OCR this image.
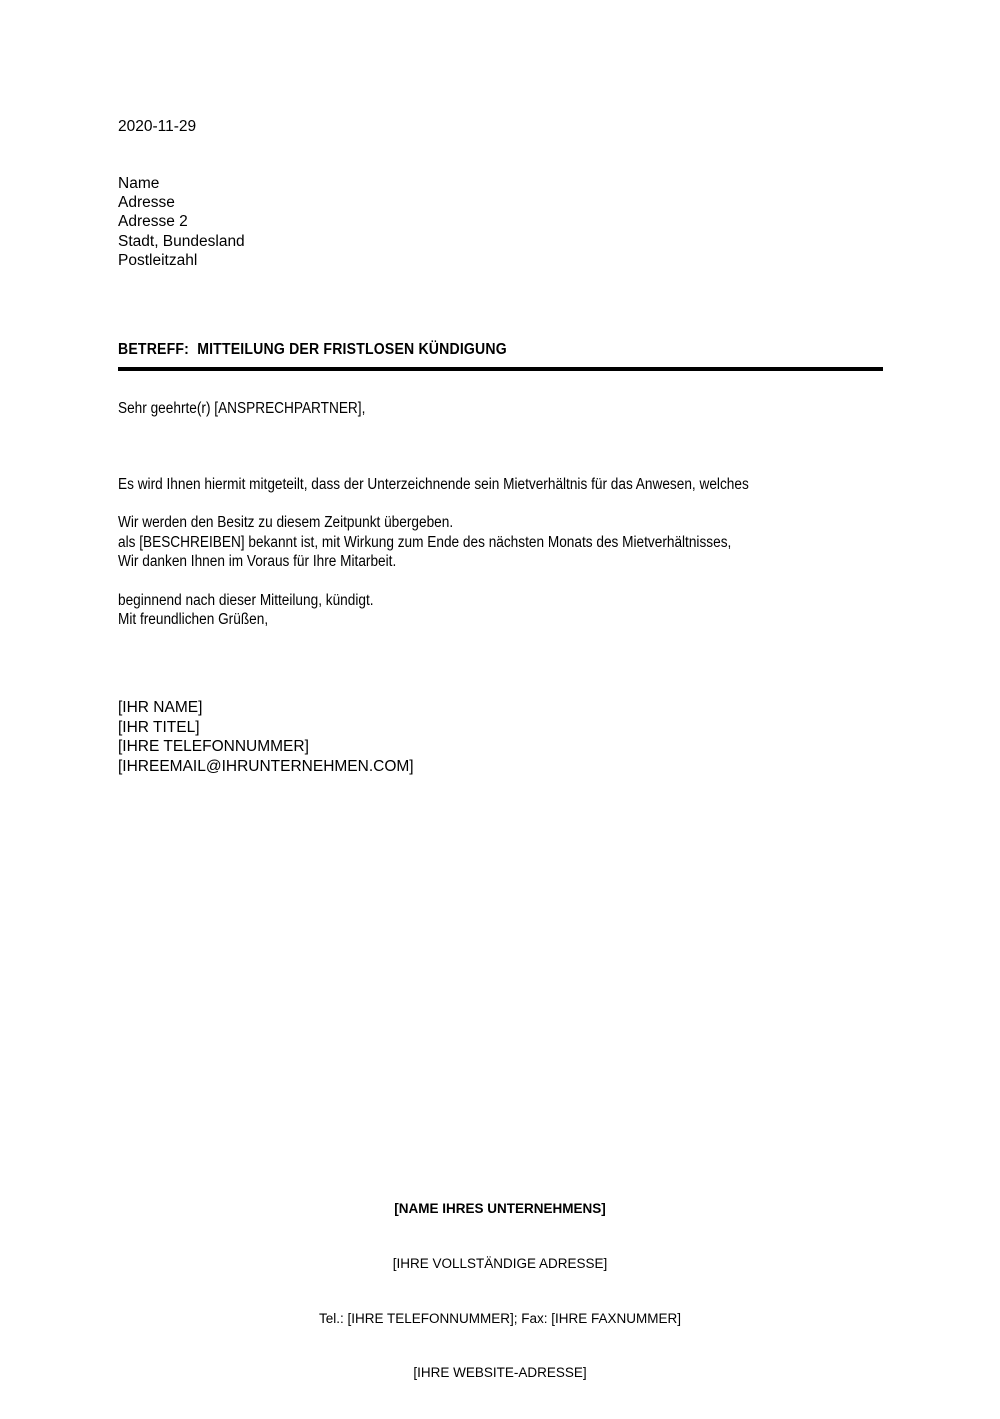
2020-11-29
Name
Adresse
Adresse 2
Stadt, Bundesland
Postleitzahl
BETREFF:  MITTEILUNG DER FRISTLOSEN KÜNDIGUNG
Sehr geehrte(r) [ANSPRECHPARTNER],

Es wird Ihnen hiermit mitgeteilt, dass der Unterzeichnende sein Mietverhältnis für das Anwesen, welches

als [BESCHREIBEN] bekannt ist, mit Wirkung zum Ende des nächsten Monats des Mietverhältnisses,

beginnend nach dieser Mitteilung, kündigt.

Wir werden den Besitz zu diesem Zeitpunkt übergeben.
Wir danken Ihnen im Voraus für Ihre Mitarbeit.
Mit freundlichen Grüßen,
[IHR NAME]
[IHR TITEL]
[IHRE TELEFONNUMMER]
[IHREEMAIL@IHRUNTERNEHMEN.COM]

[NAME IHRES UNTERNEHMENS]

[IHRE VOLLSTÄNDIGE ADRESSE]

Tel.: [IHRE TELEFONNUMMER]; Fax: [IHRE FAXNUMMER]

[IHRE WEBSITE-ADRESSE]
